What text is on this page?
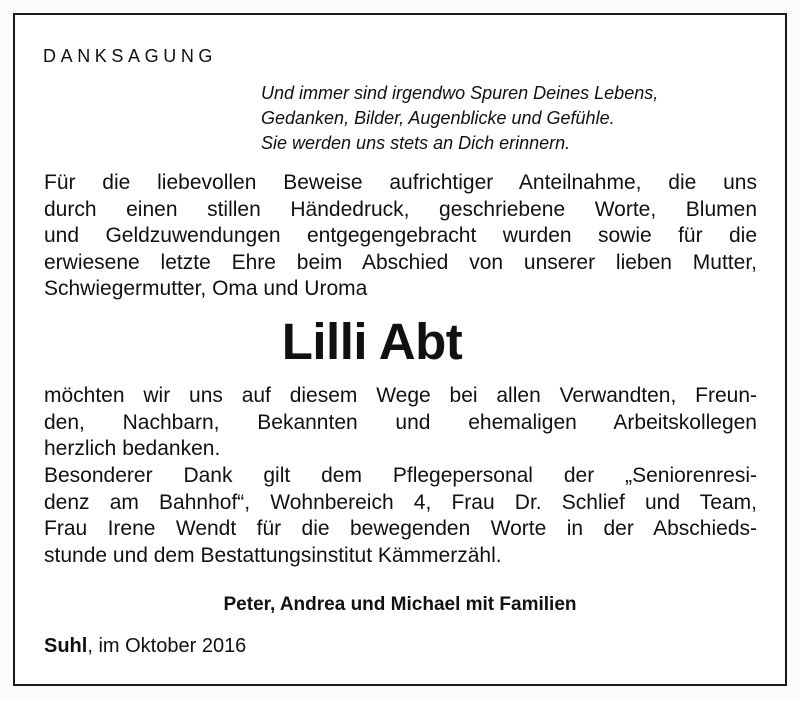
DANKSAGUNG
Und immer sind irgendwo Spuren Deines Lebens,
Gedanken, Bilder, Augenblicke und Gefühle.
Sie werden uns stets an Dich erinnern.
Für die liebevollen Beweise aufrichtiger Anteilnahme, die uns
durch einen stillen Händedruck, geschriebene Worte, Blumen
und Geldzuwendungen entgegengebracht wurden sowie für die
erwiesene letzte Ehre beim Abschied von unserer lieben Mutter,
Schwiegermutter, Oma und Uroma
Lilli Abt
möchten wir uns auf diesem Wege bei allen Verwandten, Freun-
den, Nachbarn, Bekannten und ehemaligen Arbeitskollegen
herzlich bedanken.
Besonderer Dank gilt dem Pflegepersonal der „Seniorenresi-
denz am Bahnhof“, Wohnbereich 4, Frau Dr. Schlief und Team,
Frau Irene Wendt für die bewegenden Worte in der Abschieds-
stunde und dem Bestattungsinstitut Kämmerzähl.
Peter, Andrea und Michael mit Familien
Suhl, im Oktober 2016
